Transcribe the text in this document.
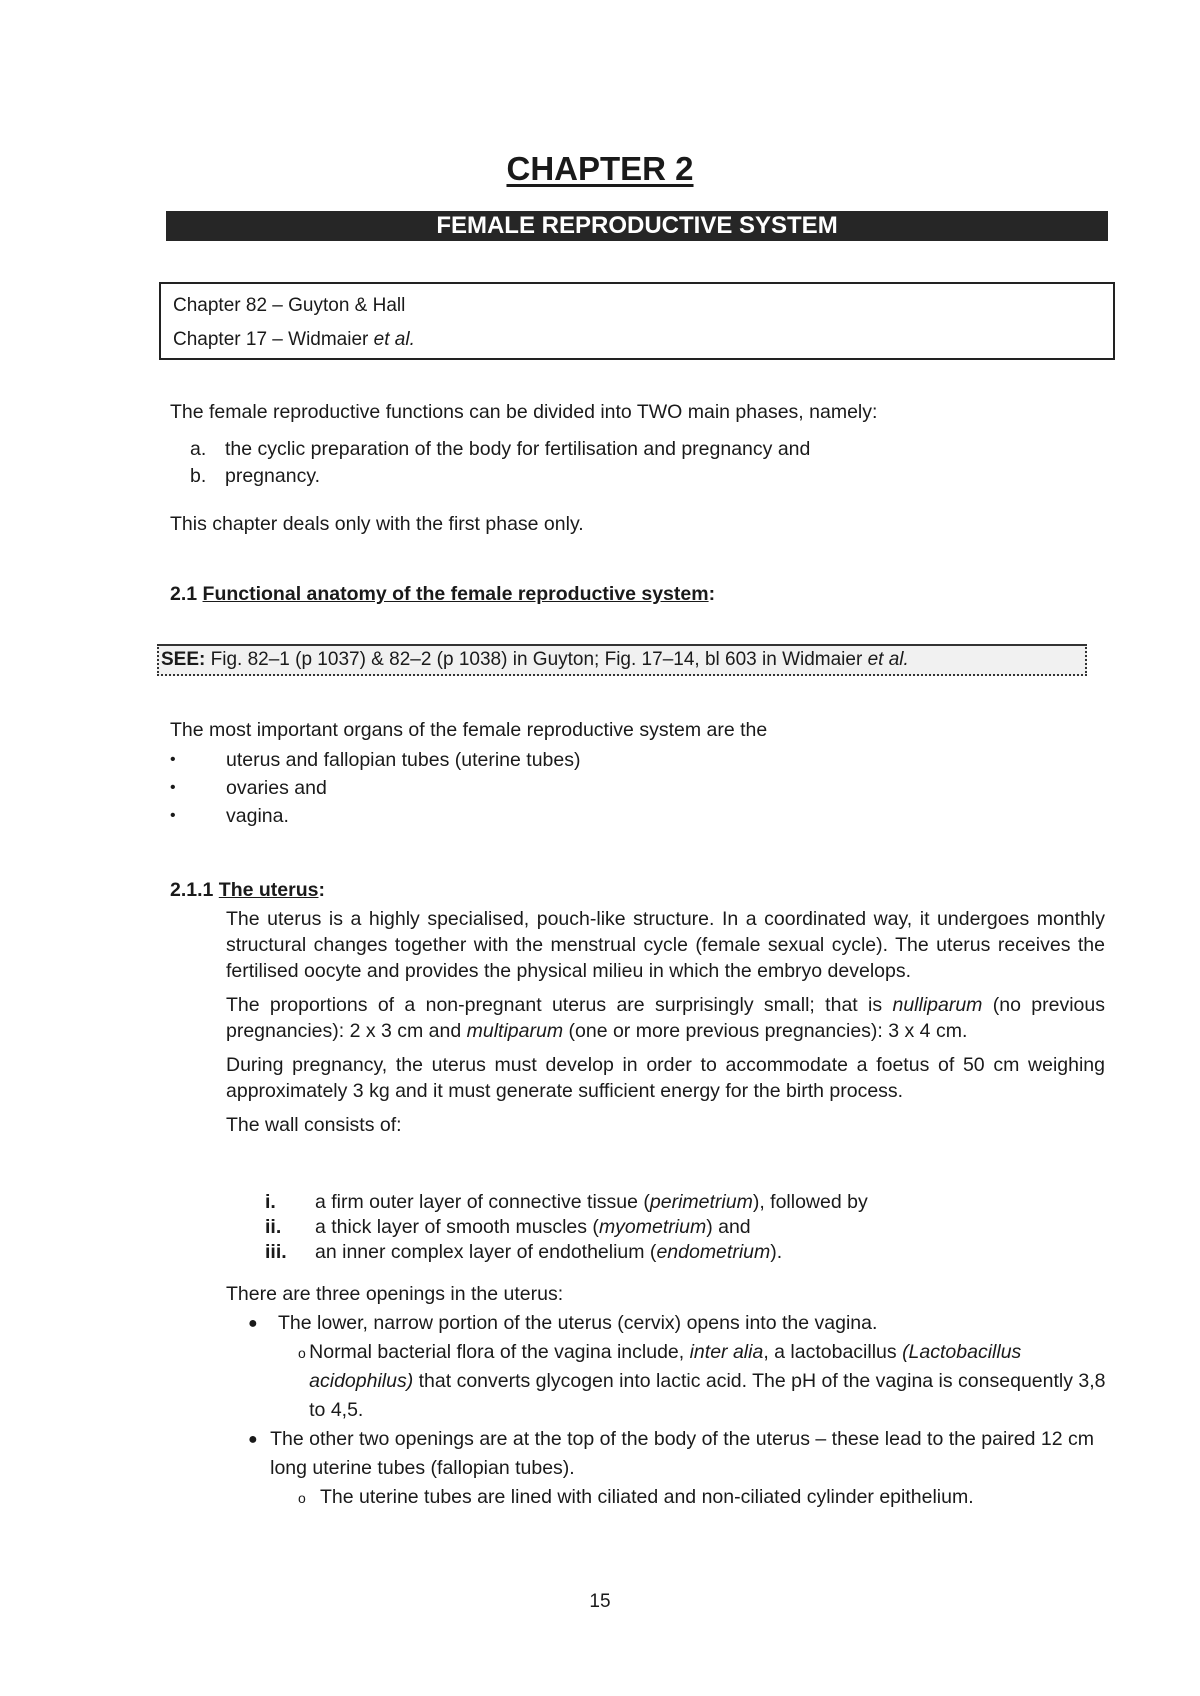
CHAPTER 2
FEMALE REPRODUCTIVE SYSTEM
Chapter 82 – Guyton & Hall
Chapter 17 – Widmaier et al.
The female reproductive functions can be divided into TWO main phases, namely:
a. the cyclic preparation of the body for fertilisation and pregnancy and
b. pregnancy.
This chapter deals only with the first phase only.
2.1 Functional anatomy of the female reproductive system:
SEE: Fig. 82–1 (p 1037) & 82–2 (p 1038) in Guyton; Fig. 17–14, bl 603 in Widmaier et al.
The most important organs of the female reproductive system are the
•	uterus and fallopian tubes (uterine tubes)
•	ovaries and
•	vagina.
2.1.1 The uterus:

The uterus is a highly specialised, pouch-like structure. In a coordinated way, it undergoes monthly structural changes together with the menstrual cycle (female sexual cycle). The uterus receives the fertilised oocyte and provides the physical milieu in which the embryo develops.

The proportions of a non-pregnant uterus are surprisingly small; that is nulliparum (no previous pregnancies): 2 x 3 cm and multiparum (one or more previous pregnancies): 3 x 4 cm.

During pregnancy, the uterus must develop in order to accommodate a foetus of 50 cm weighing approximately 3 kg and it must generate sufficient energy for the birth process.

The wall consists of:

i.	a firm outer layer of connective tissue (perimetrium), followed by
ii.	a thick layer of smooth muscles (myometrium) and
iii.	an inner complex layer of endothelium (endometrium).
There are three openings in the uterus:
●	The lower, narrow portion of the uterus (cervix) opens into the vagina.
o Normal bacterial flora of the vagina include, inter alia, a lactobacillus (Lactobacillus acidophilus) that converts glycogen into lactic acid. The pH of the vagina is consequently 3,8 to 4,5.
● The other two openings are at the top of the body of the uterus – these lead to the paired 12 cm long uterine tubes (fallopian tubes).
o The uterine tubes are lined with ciliated and non-ciliated cylinder epithelium.
15
